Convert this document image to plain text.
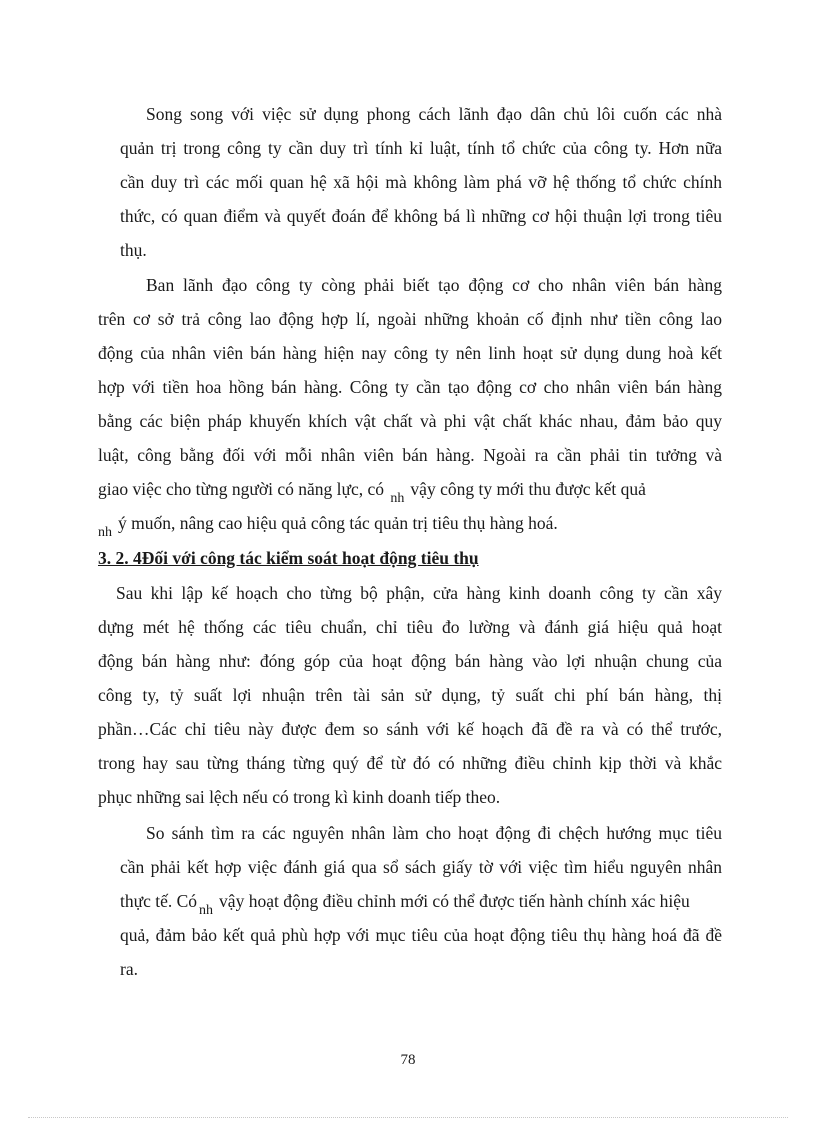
Song song với việc sử dụng phong cách lãnh đạo dân chủ lôi cuốn các nhà
quản trị trong công ty cần duy trì tính kỉ luật, tính tổ chức của công ty. Hơn nữa
cần duy trì các mối quan hệ xã hội mà không làm phá vỡ hệ thống tổ chức chính
thức, có quan điểm và quyết đoán để không bá lì những cơ hội thuận lợi trong tiêu
thụ.
Ban lãnh đạo công ty còng phải biết tạo động cơ cho nhân viên bán hàng
trên cơ sở trả công lao động hợp lí, ngoài những khoản cố định như tiền công lao
động của nhân viên bán hàng hiện nay công ty nên linh hoạt sử dụng dung hoà kết
hợp với tiền hoa hồng bán hàng. Công ty cần tạo động cơ cho nhân viên bán hàng
bằng các biện pháp khuyến khích vật chất và phi vật chất khác nhau, đảm bảo quy
luật, công bằng đối với mỗi nhân viên bán hàng. Ngoài ra cần phải tin tưởng và
giao việc cho từng người có năng lực, có $_{nh}$ vậy công ty mới thu được kết quả
$_{nh}$ ý muốn, nâng cao hiệu quả công tác quản trị tiêu thụ hàng hoá.
3. 2. 4Đối với công tác kiểm soát hoạt động tiêu thụ
Sau khi lập kế hoạch cho từng bộ phận, cửa hàng kinh doanh công ty cần xây
dựng mét hệ thống các tiêu chuẩn, chỉ tiêu đo lường và đánh giá hiệu quả hoạt
động bán hàng như: đóng góp của hoạt động bán hàng vào lợi nhuận chung của
công ty, tỷ suất lợi nhuận trên tài sản sử dụng, tỷ suất chi phí bán hàng, thị
phần…Các chỉ tiêu này được đem so sánh với kế hoạch đã đề ra và có thể trước,
trong hay sau từng tháng từng quý để từ đó có những điều chỉnh kịp thời và khắc
phục những sai lệch nếu có trong kì kinh doanh tiếp theo.
So sánh tìm ra các nguyên nhân làm cho hoạt động đi chệch hướng mục tiêu
cần phải kết hợp việc đánh giá qua sổ sách giấy tờ với việc tìm hiểu nguyên nhân
thực tế. Có $_{nh}$ vậy hoạt động điều chỉnh mới có thể được tiến hành chính xác hiệu
quả, đảm bảo kết quả phù hợp với mục tiêu của hoạt động tiêu thụ hàng hoá đã đề
ra.
78
